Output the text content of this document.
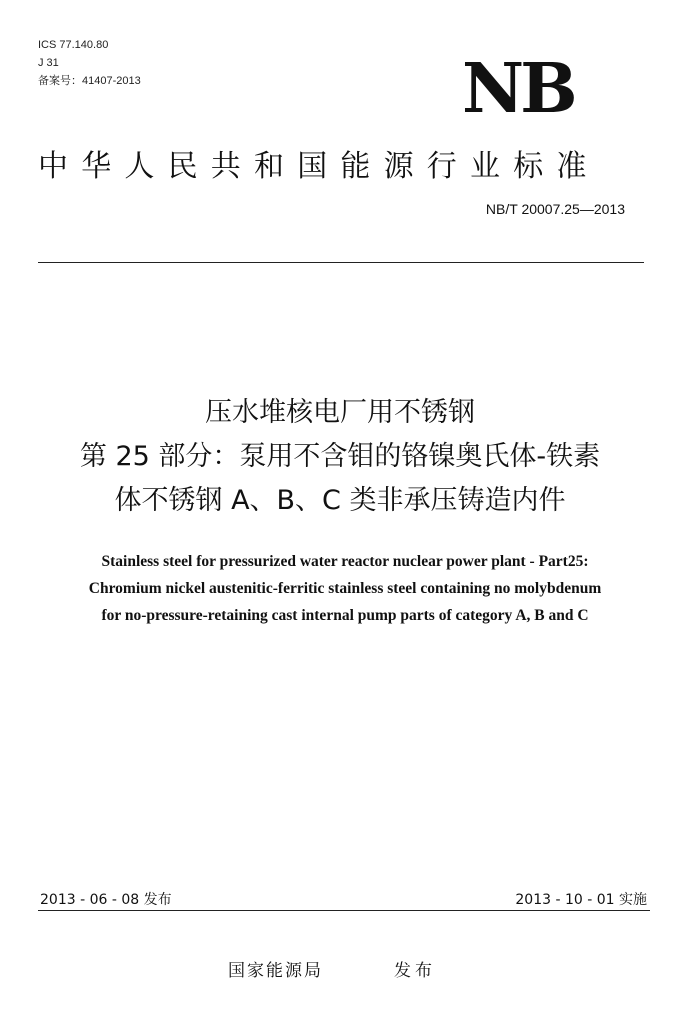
ICS 77.140.80
J 31
备案号：41407-2013	NB
中华人民共和国能源行业标准
NB/T 20007.25—2013
压水堆核电厂用不锈钢
第 25 部分：泵用不含钼的铬镍奥氏体-铁素
体不锈钢 A、B、C 类非承压铸造内件
Stainless steel for pressurized water reactor nuclear power plant - Part25:
Chromium nickel austenitic-ferritic stainless steel containing no molybdenum
for no-pressure-retaining cast internal pump parts of category A, B and C
2013 - 06 - 08 发布	2013 - 10 - 01 实施
国家能源局	发布
